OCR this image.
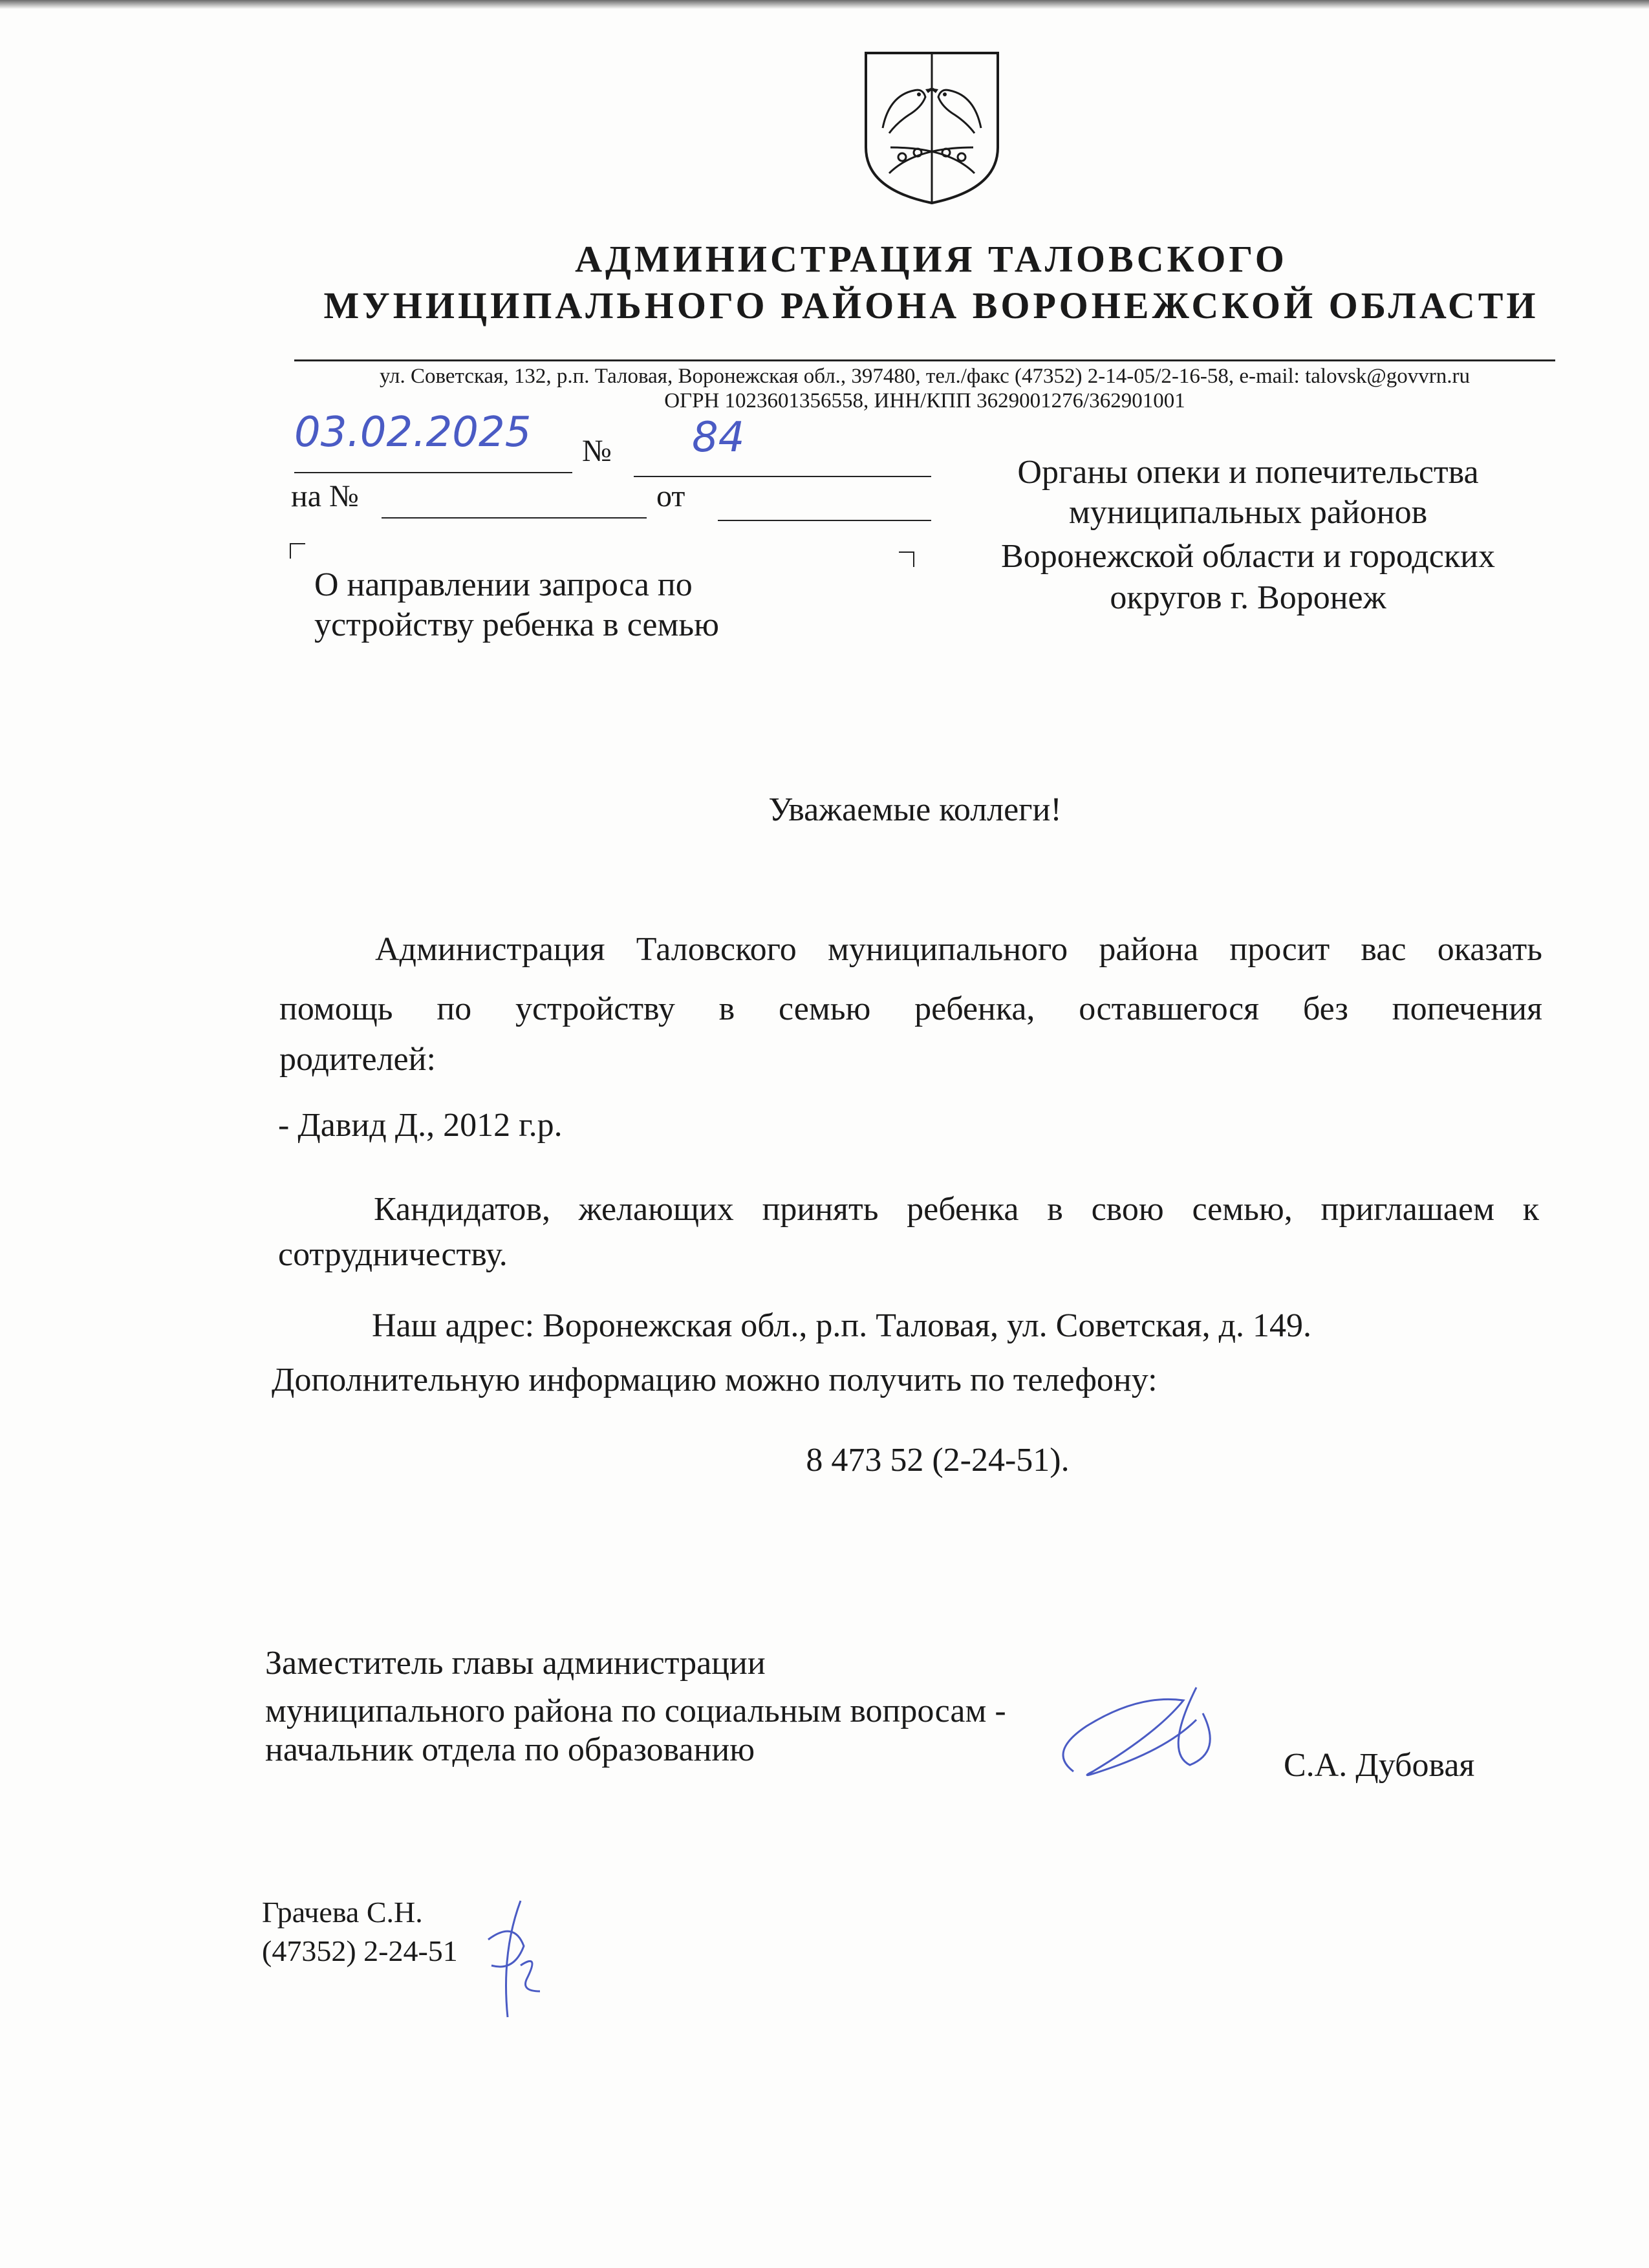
АДМИНИСТРАЦИЯ ТАЛОВСКОГО
МУНИЦИПАЛЬНОГО РАЙОНА ВОРОНЕЖСКОЙ ОБЛАСТИ
ул. Советская, 132, р.п. Таловая, Воронежская обл., 397480, тел./факс (47352) 2-14-05/2-16-58, e-mail: talovsk@govvrn.ru
ОГРН 1023601356558, ИНН/КПП 3629001276/362901001
03.02.2025 № 84
на №	от
О направлении запроса по
устройству ребенка в семью
Органы опеки и попечительства
муниципальных районов
Воронежской области и городских
округов г. Воронеж
Уважаемые коллеги!
Администрация Таловского муниципального района просит вас оказать
помощь по устройству в семью ребенка, оставшегося без попечения
родителей:
- Давид Д., 2012 г.р.
Кандидатов, желающих принять ребенка в свою семью, приглашаем к
сотрудничеству.
Наш адрес: Воронежская обл., р.п. Таловая, ул. Советская, д. 149.
Дополнительную информацию можно получить по телефону:
8 473 52 (2-24-51).
Заместитель главы администрации
муниципального района по социальным вопросам -
начальник отдела по образованию	С.А. Дубовая
Грачева С.Н.
(47352) 2-24-51
